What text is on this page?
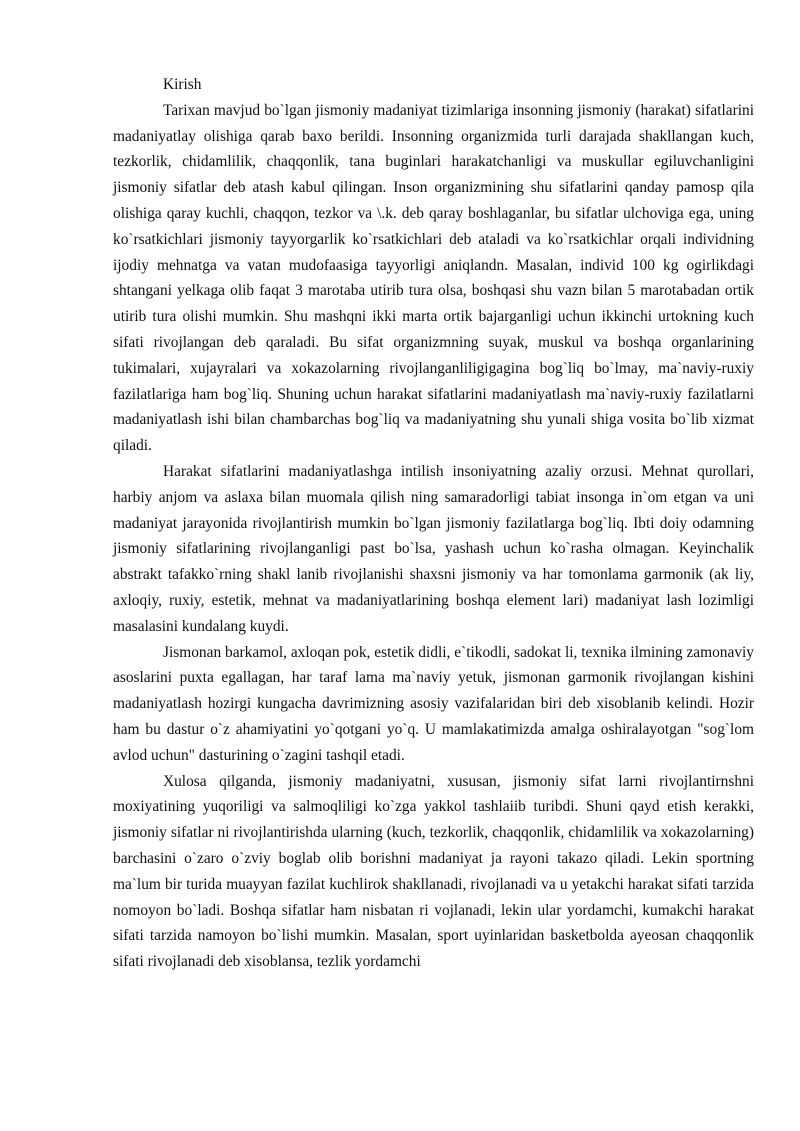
Kirish

Tarixan mavjud bo`lgan jismoniy madaniyat tizimlariga insonning jismoniy (harakat) sifatlarini madaniyatlay olishiga qarab baxo berildi. Insonning organizmida turli darajada shakllangan kuch, tezkorlik, chidamlilik, chaqqonlik, tana buginlari harakatchanligi va muskullar egiluvchanligini jismoniy sifatlar deb atash kabul qilingan. Inson organizmining shu sifatlarini qanday pamosp qila olishiga qaray kuchli, chaqqon, tezkor va \.k. deb qaray boshlaganlar, bu sifatlar ulchoviga ega, uning ko`rsatkichlari jismoniy tayyorgarlik ko`rsatkichlari deb ataladi va ko`rsatkichlar orqali individning ijodiy mehnatga va vatan mudofaasiga tayyorligi aniqlandn. Masalan, individ 100 kg ogirlikdagi shtangani yelkaga olib faqat 3 marotaba utirib tura olsa, boshqasi shu vazn bilan 5 marotabadan ortik utirib tura olishi mumkin. Shu mashqni ikki marta ortik bajarganligi uchun ikkinchi urtokning kuch sifati rivojlangan deb qaraladi. Bu sifat organizmning suyak, muskul va boshqa organlarining tukimalari, xujayralari va xokazolarning rivojlanganliligigagina bog`liq bo`lmay, ma`naviy-ruxiy fazilatlariga ham bog`liq. Shuning uchun harakat sifatlarini madaniyatlash ma`naviy-ruxiy fazilatlarni madaniyatlash ishi bilan chambarchas bog`liq va madaniyatning shu yunali shiga vosita bo`lib xizmat qiladi.

Harakat sifatlarini madaniyatlashga intilish insoniyatning azaliy orzusi. Mehnat qurollari, harbiy anjom va aslaxa bilan muomala qilish ning samaradorligi tabiat insonga in`om etgan va uni madaniyat jarayonida rivojlantirish mumkin bo`lgan jismoniy fazilatlarga bog`liq. Ibti doiy odamning jismoniy sifatlarining rivojlanganligi past bo`lsa, yashash uchun ko`rasha olmagan. Keyinchalik abstrakt tafakko`rning shakl lanib rivojlanishi shaxsni jismoniy va har tomonlama garmonik (ak liy, axloqiy, ruxiy, estetik, mehnat va madaniyatlarining boshqa element lari) madaniyat lash lozimligi masalasini kundalang kuydi.

Jismonan barkamol, axloqan pok, estetik didli, e`tikodli, sadokat li, texnika ilmining zamonaviy asoslarini puxta egallagan, har taraf lama ma`naviy yetuk, jismonan garmonik rivojlangan kishini madaniyatlash hozirgi kungacha davrimizning asosiy vazifalaridan biri deb xisoblanib kelindi. Hozir ham bu dastur o`z ahamiyatini yo`qotgani yo`q. U mamlakatimizda amalga oshiralayotgan "sog`lom avlod uchun" dasturining o`zagini tashqil etadi.

Xulosa qilganda, jismoniy madaniyatni, xususan, jismoniy sifat larni rivojlantirnshni moxiyatining yuqoriligi va salmoqliligi ko`zga yakkol tashlaiib turibdi. Shuni qayd etish kerakki, jismoniy sifatlar ni rivojlantirishda ularning (kuch, tezkorlik, chaqqonlik, chidamlilik va xokazolarning) barchasini o`zaro o`zviy boglab olib borishni madaniyat ja rayoni takazo qiladi. Lekin sportning ma`lum bir turida muayyan fazilat kuchlirok shakllanadi, rivojlanadi va u yetakchi harakat sifati tarzida nomoyon bo`ladi. Boshqa sifatlar ham nisbatan ri vojlanadi, lekin ular yordamchi, kumakchi harakat sifati tarzida namoyon bo`lishi mumkin. Masalan, sport uyinlaridan basketbolda ayeosan chaqqonlik sifati rivojlanadi deb xisoblansa, tezlik yordamchi
